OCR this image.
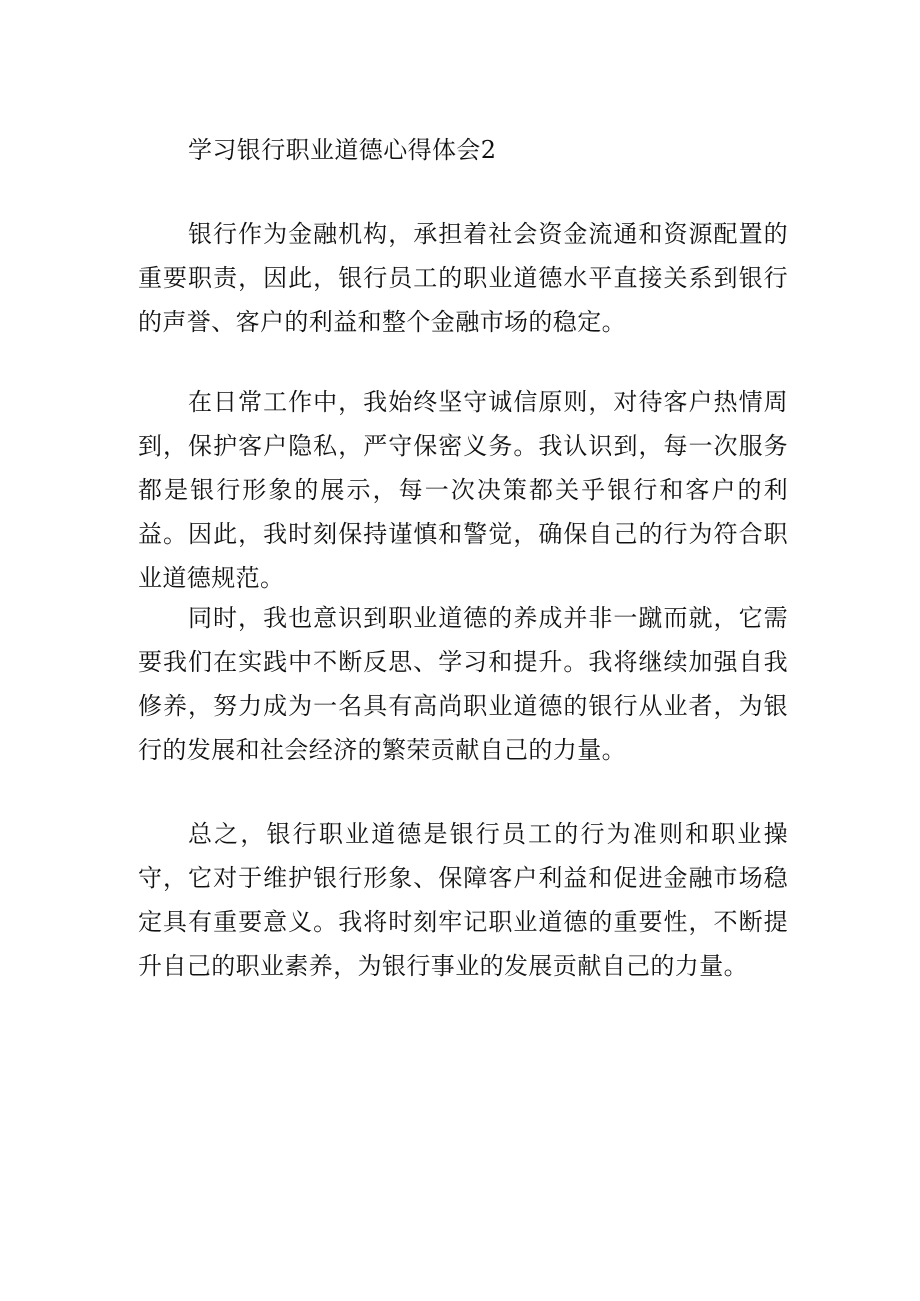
学习银行职业道德心得体会2
银行作为金融机构，承担着社会资金流通和资源配置的重要职责，因此，银行员工的职业道德水平直接关系到银行的声誉、客户的利益和整个金融市场的稳定。
在日常工作中，我始终坚守诚信原则，对待客户热情周到，保护客户隐私，严守保密义务。我认识到，每一次服务都是银行形象的展示，每一次决策都关乎银行和客户的利益。因此，我时刻保持谨慎和警觉，确保自己的行为符合职业道德规范。
同时，我也意识到职业道德的养成并非一蹴而就，它需要我们在实践中不断反思、学习和提升。我将继续加强自我修养，努力成为一名具有高尚职业道德的银行从业者，为银行的发展和社会经济的繁荣贡献自己的力量。
总之，银行职业道德是银行员工的行为准则和职业操守，它对于维护银行形象、保障客户利益和促进金融市场稳定具有重要意义。我将时刻牢记职业道德的重要性，不断提升自己的职业素养，为银行事业的发展贡献自己的力量。
